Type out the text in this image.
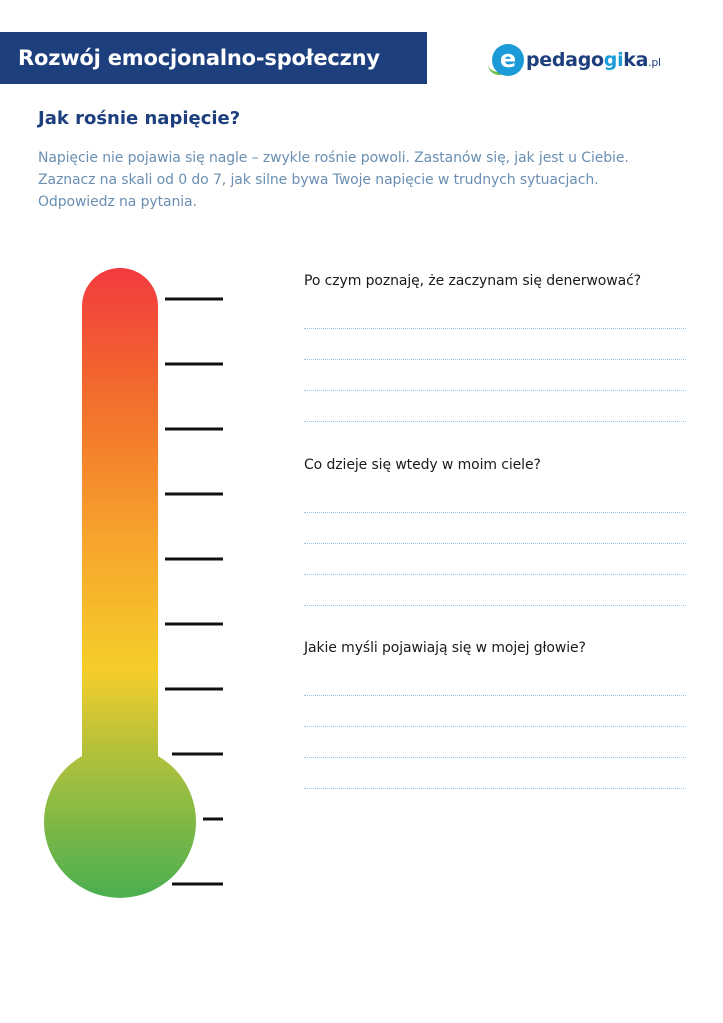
Rozwój emocjonalno-społeczny	e pedagogika.pl
Jak rośnie napięcie?
Napięcie nie pojawia się nagle – zwykle rośnie powoli. Zastanów się, jak jest u Ciebie.
Zaznacz na skali od 0 do 7, jak silne bywa Twoje napięcie w trudnych sytuacjach.
Odpowiedz na pytania.

Po czym poznaję, że zaczynam się denerwować?

Co dzieje się wtedy w moim ciele?

Jakie myśli pojawiają się w mojej głowie?
